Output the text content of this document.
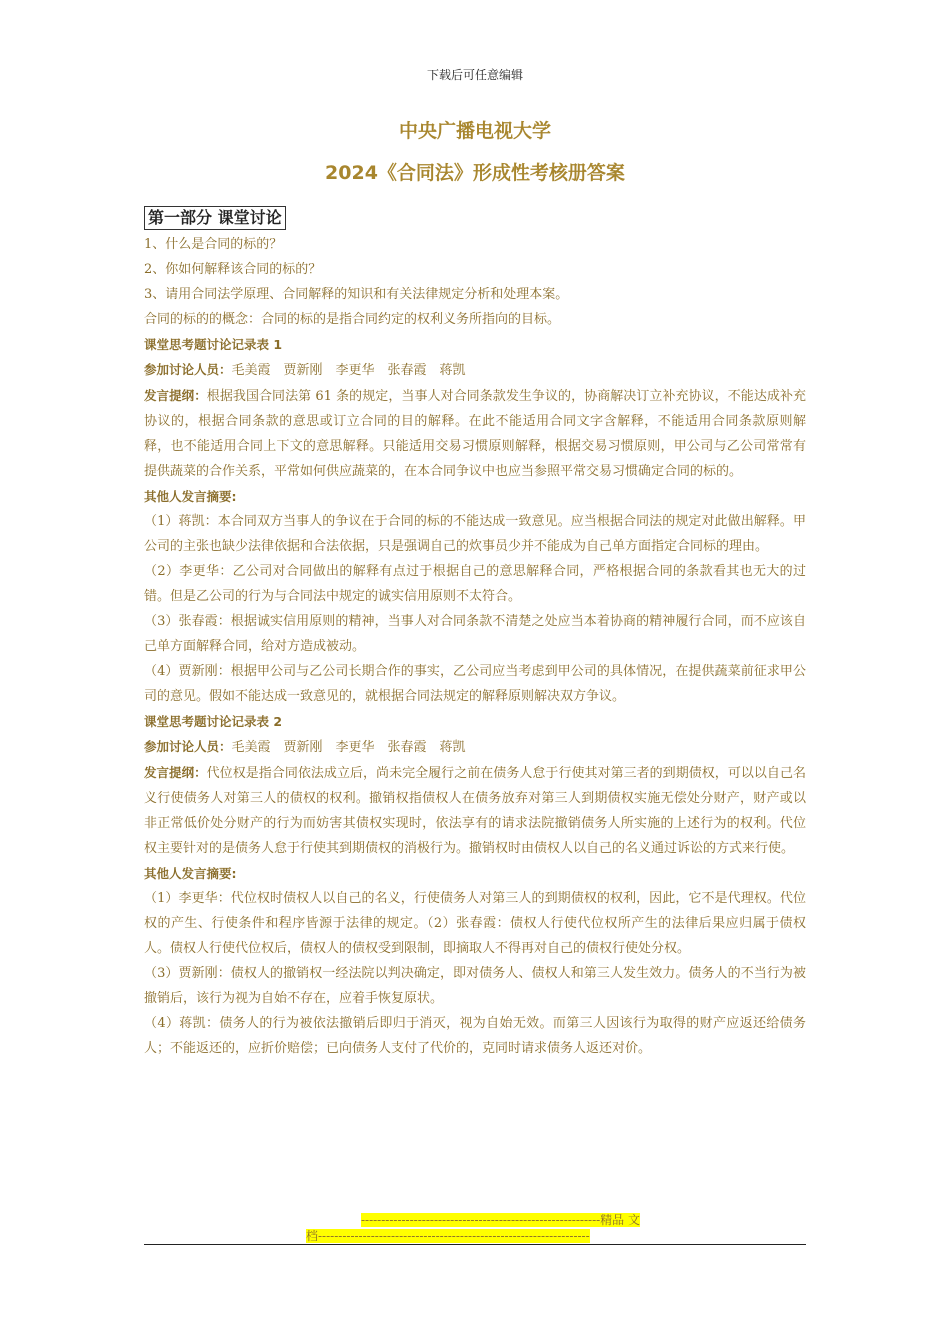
下载后可任意编辑
中央广播电视大学
2024《合同法》形成性考核册答案
第一部分 课堂讨论

1、什么是合同的标的？

2、你如何解释该合同的标的？

3、请用合同法学原理、合同解释的知识和有关法律规定分析和处理本案。

合同的标的的概念：合同的标的是指合同约定的权利义务所指向的目标。

课堂思考题讨论记录表 1

参加讨论人员：毛美霞　贾新刚　李更华　张春霞　蒋凯

发言提纲：根据我国合同法第 61 条的规定，当事人对合同条款发生争议的，协商解决订立补充协议，不能达成补充协议的，根据合同条款的意思或订立合同的目的解释。在此不能适用合同文字含解释，不能适用合同条款原则解释，也不能适用合同上下文的意思解释。只能适用交易习惯原则解释，根据交易习惯原则，甲公司与乙公司常常有提供蔬菜的合作关系，平常如何供应蔬菜的，在本合同争议中也应当参照平常交易习惯确定合同的标的。

其他人发言摘要:

（1）蒋凯：本合同双方当事人的争议在于合同的标的不能达成一致意见。应当根据合同法的规定对此做出解释。甲公司的主张也缺少法律依据和合法依据，只是强调自己的炊事员少并不能成为自己单方面指定合同标的理由。

（2）李更华：乙公司对合同做出的解释有点过于根据自己的意思解释合同，严格根据合同的条款看其也无大的过错。但是乙公司的行为与合同法中规定的诚实信用原则不太符合。

（3）张春霞：根据诚实信用原则的精神，当事人对合同条款不清楚之处应当本着协商的精神履行合同，而不应该自己单方面解释合同，给对方造成被动。

（4）贾新刚：根据甲公司与乙公司长期合作的事实，乙公司应当考虑到甲公司的具体情况，在提供蔬菜前征求甲公司的意见。假如不能达成一致意见的，就根据合同法规定的解释原则解决双方争议。

课堂思考题讨论记录表 2

参加讨论人员：毛美霞　贾新刚　李更华　张春霞　蒋凯

发言提纲：代位权是指合同依法成立后，尚未完全履行之前在债务人怠于行使其对第三者的到期债权，可以以自己名义行使债务人对第三人的债权的权利。撤销权指债权人在债务放弃对第三人到期债权实施无偿处分财产，财产或以非正常低价处分财产的行为而妨害其债权实现时，依法享有的请求法院撤销债务人所实施的上述行为的权利。代位权主要针对的是债务人怠于行使其到期债权的消极行为。撤销权时由债权人以自己的名义通过诉讼的方式来行使。

其他人发言摘要:

（1）李更华：代位权时债权人以自己的名义，行使债务人对第三人的到期债权的权利，因此，它不是代理权。代位权的产生、行使条件和程序皆源于法律的规定。（2）张春霞：债权人行使代位权所产生的法律后果应归属于债权人。债权人行使代位权后，债权人的债权受到限制，即摘取人不得再对自己的债权行使处分权。

（3）贾新刚：债权人的撤销权一经法院以判决确定，即对债务人、债权人和第三人发生效力。债务人的不当行为被撤销后，该行为视为自始不存在，应着手恢复原状。

（4）蒋凯：债务人的行为被依法撤销后即归于消灭，视为自始无效。而第三人因该行为取得的财产应返还给债务人；不能返还的，应折价赔偿；已向债务人支付了代价的，克同时请求债务人返还对价。

-----------------------------------------------------------精品 文
档-------------------------------------------------------------------
